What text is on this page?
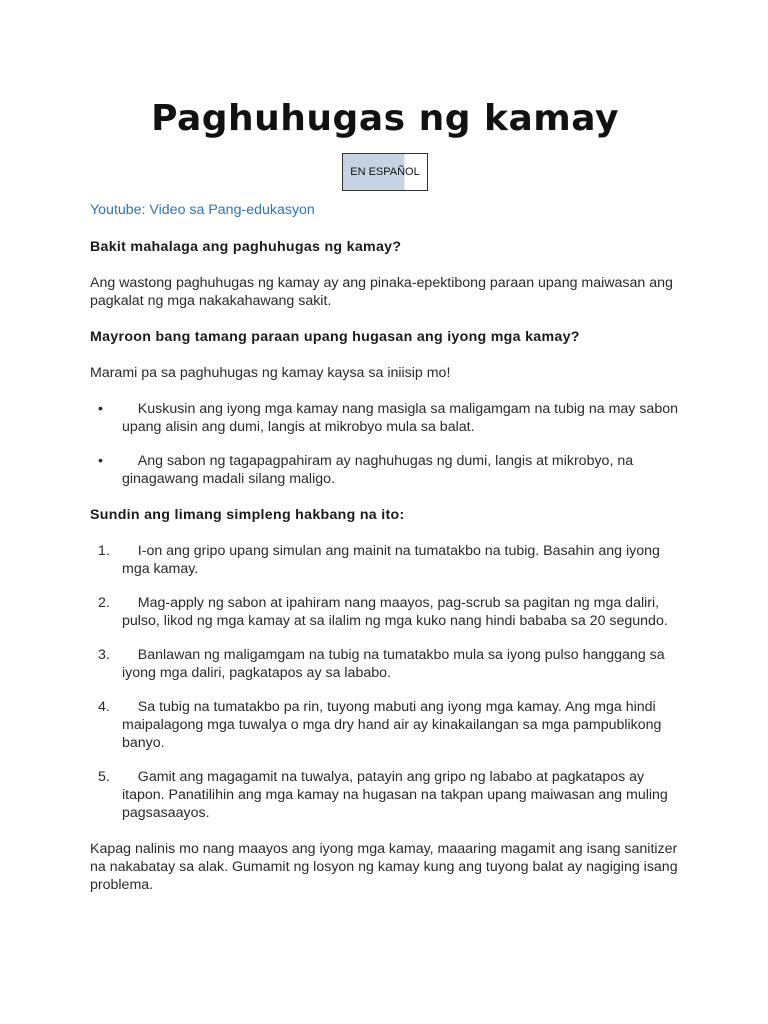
Paghuhugas ng kamay
EN ESPAÑOL
Youtube: Video sa Pang-edukasyon

Bakit mahalaga ang paghuhugas ng kamay?

Ang wastong paghuhugas ng kamay ay ang pinaka-epektibong paraan upang maiwasan ang pagkalat ng mga nakakahawang sakit.

Mayroon bang tamang paraan upang hugasan ang iyong mga kamay?

Marami pa sa paghuhugas ng kamay kaysa sa iniisip mo!

•	Kuskusin ang iyong mga kamay nang masigla sa maligamgam na tubig na may sabon upang alisin ang dumi, langis at mikrobyo mula sa balat.
•	Ang sabon ng tagapagpahiram ay naghuhugas ng dumi, langis at mikrobyo, na ginagawang madali silang maligo.

Sundin ang limang simpleng hakbang na ito:

1.	I-on ang gripo upang simulan ang mainit na tumatakbo na tubig. Basahin ang iyong mga kamay.
2.	Mag-apply ng sabon at ipahiram nang maayos, pag-scrub sa pagitan ng mga daliri, pulso, likod ng mga kamay at sa ilalim ng mga kuko nang hindi bababa sa 20 segundo.
3.	Banlawan ng maligamgam na tubig na tumatakbo mula sa iyong pulso hanggang sa iyong mga daliri, pagkatapos ay sa lababo.
4.	Sa tubig na tumatakbo pa rin, tuyong mabuti ang iyong mga kamay. Ang mga hindi maipalagong mga tuwalya o mga dry hand air ay kinakailangan sa mga pampublikong banyo.
5.	Gamit ang magagamit na tuwalya, patayin ang gripo ng lababo at pagkatapos ay itapon. Panatilihin ang mga kamay na hugasan na takpan upang maiwasan ang muling pagsasaayos.

Kapag nalinis mo nang maayos ang iyong mga kamay, maaaring magamit ang isang sanitizer na nakabatay sa alak. Gumamit ng losyon ng kamay kung ang tuyong balat ay nagiging isang problema.
